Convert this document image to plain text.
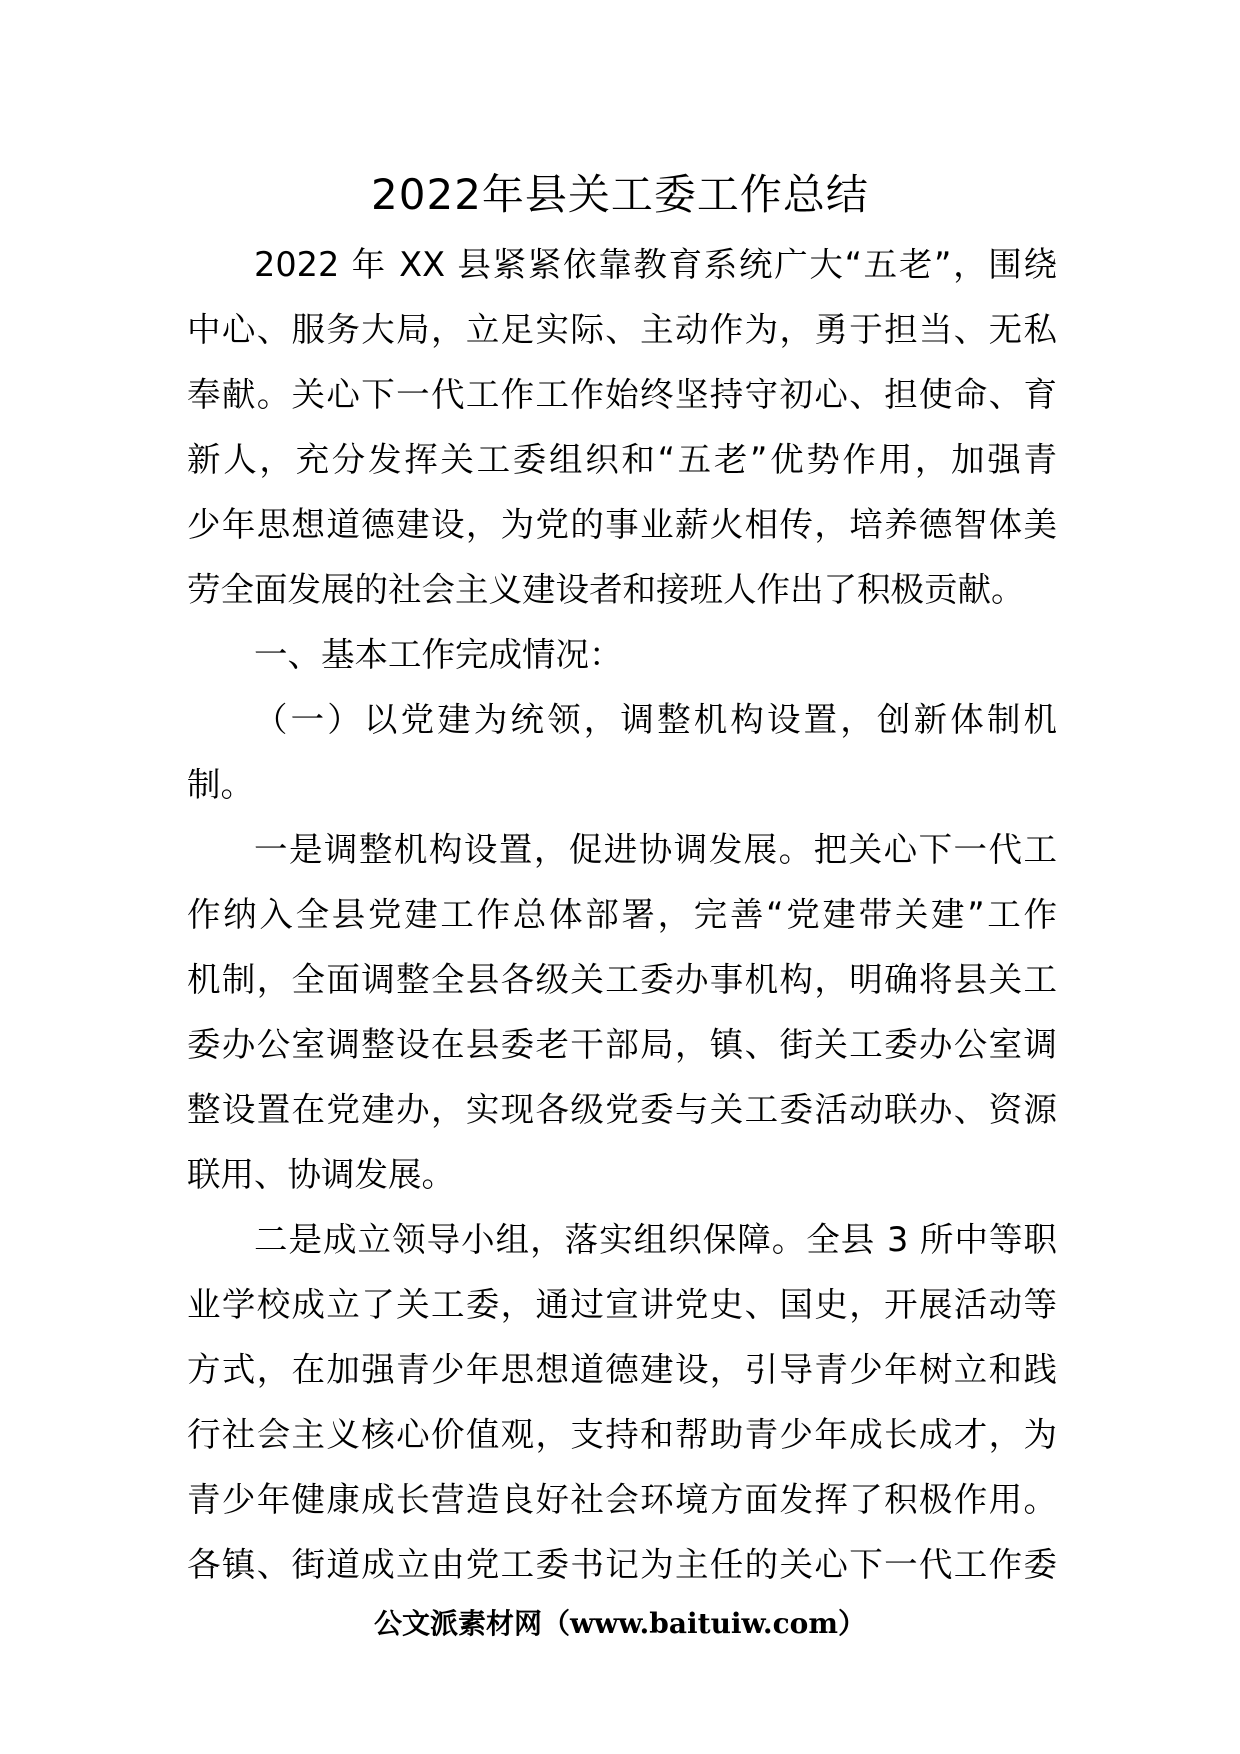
2022年县关工委工作总结
2022 年 XX 县紧紧依靠教育系统广大“五老”，围绕
中心、服务大局，立足实际、主动作为，勇于担当、无私
奉献。关心下一代工作工作始终坚持守初心、担使命、育
新人，充分发挥关工委组织和“五老”优势作用，加强青
少年思想道德建设，为党的事业薪火相传，培养德智体美
劳全面发展的社会主义建设者和接班人作出了积极贡献。
一、基本工作完成情况：
（一）以党建为统领，调整机构设置，创新体制机
制。
一是调整机构设置，促进协调发展。把关心下一代工
作纳入全县党建工作总体部署，完善“党建带关建”工作
机制，全面调整全县各级关工委办事机构，明确将县关工
委办公室调整设在县委老干部局，镇、街关工委办公室调
整设置在党建办，实现各级党委与关工委活动联办、资源
联用、协调发展。
二是成立领导小组，落实组织保障。全县 3 所中等职
业学校成立了关工委，通过宣讲党史、国史，开展活动等
方式，在加强青少年思想道德建设，引导青少年树立和践
行社会主义核心价值观，支持和帮助青少年成长成才，为
青少年健康成长营造良好社会环境方面发挥了积极作用。
各镇、街道成立由党工委书记为主任的关心下一代工作委
公文派素材网（www.baituiw.com）
